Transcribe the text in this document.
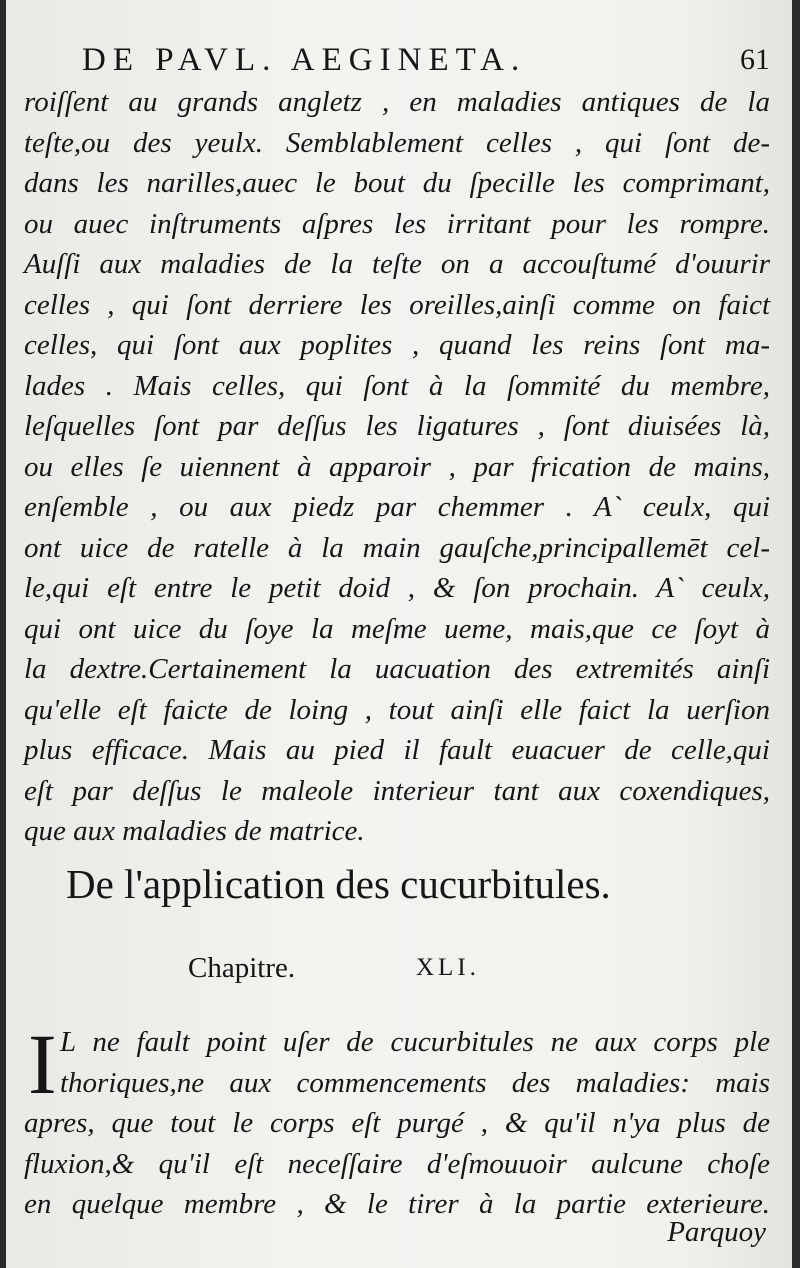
DE PAVL. AEGINETA.	61
roiſſent au grands angletz , en maladies antiques de la
teſte,ou des yeulx. Semblablement celles , qui ſont de-
dans les narilles,auec le bout du ſpecille les comprimant,
ou auec inſtruments aſpres les irritant pour les rompre.
Auſſi aux maladies de la teſte on a accouſtumé d'ouurir
celles , qui ſont derriere les oreilles,ainſi comme on faict
celles, qui ſont aux poplites , quand les reins ſont ma-
lades . Mais celles, qui ſont à la ſommité du membre,
leſquelles ſont par deſſus les ligatures , ſont diuisées là,
ou elles ſe uiennent à apparoir , par frication de mains,
enſemble , ou aux piedz par chemmer . A` ceulx, qui
ont uice de ratelle à la main gauſche,principallemēt cel-
le,qui eſt entre le petit doid , & ſon prochain. A` ceulx,
qui ont uice du ſoye la meſme ueme, mais,que ce ſoyt à
la dextre.Certainement la uacuation des extremités ainſi
qu'elle eſt faicte de loing , tout ainſi elle faict la uerſion
plus efficace. Mais au pied il fault euacuer de celle,qui
eſt par deſſus le maleole interieur tant aux coxendiques,
que aux maladies de matrice.
De l'application des cucurbitules.
Chapitre.	XLI.
I L ne fault point uſer de cucurbitules ne aux corps ple
thoriques,ne aux commencements des maladies: mais
apres, que tout le corps eſt purgé , & qu'il n'ya plus de
fluxion,& qu'il eſt neceſſaire d'eſmouuoir aulcune choſe
en quelque membre , & le tirer à la partie exterieure.
Parquoy
